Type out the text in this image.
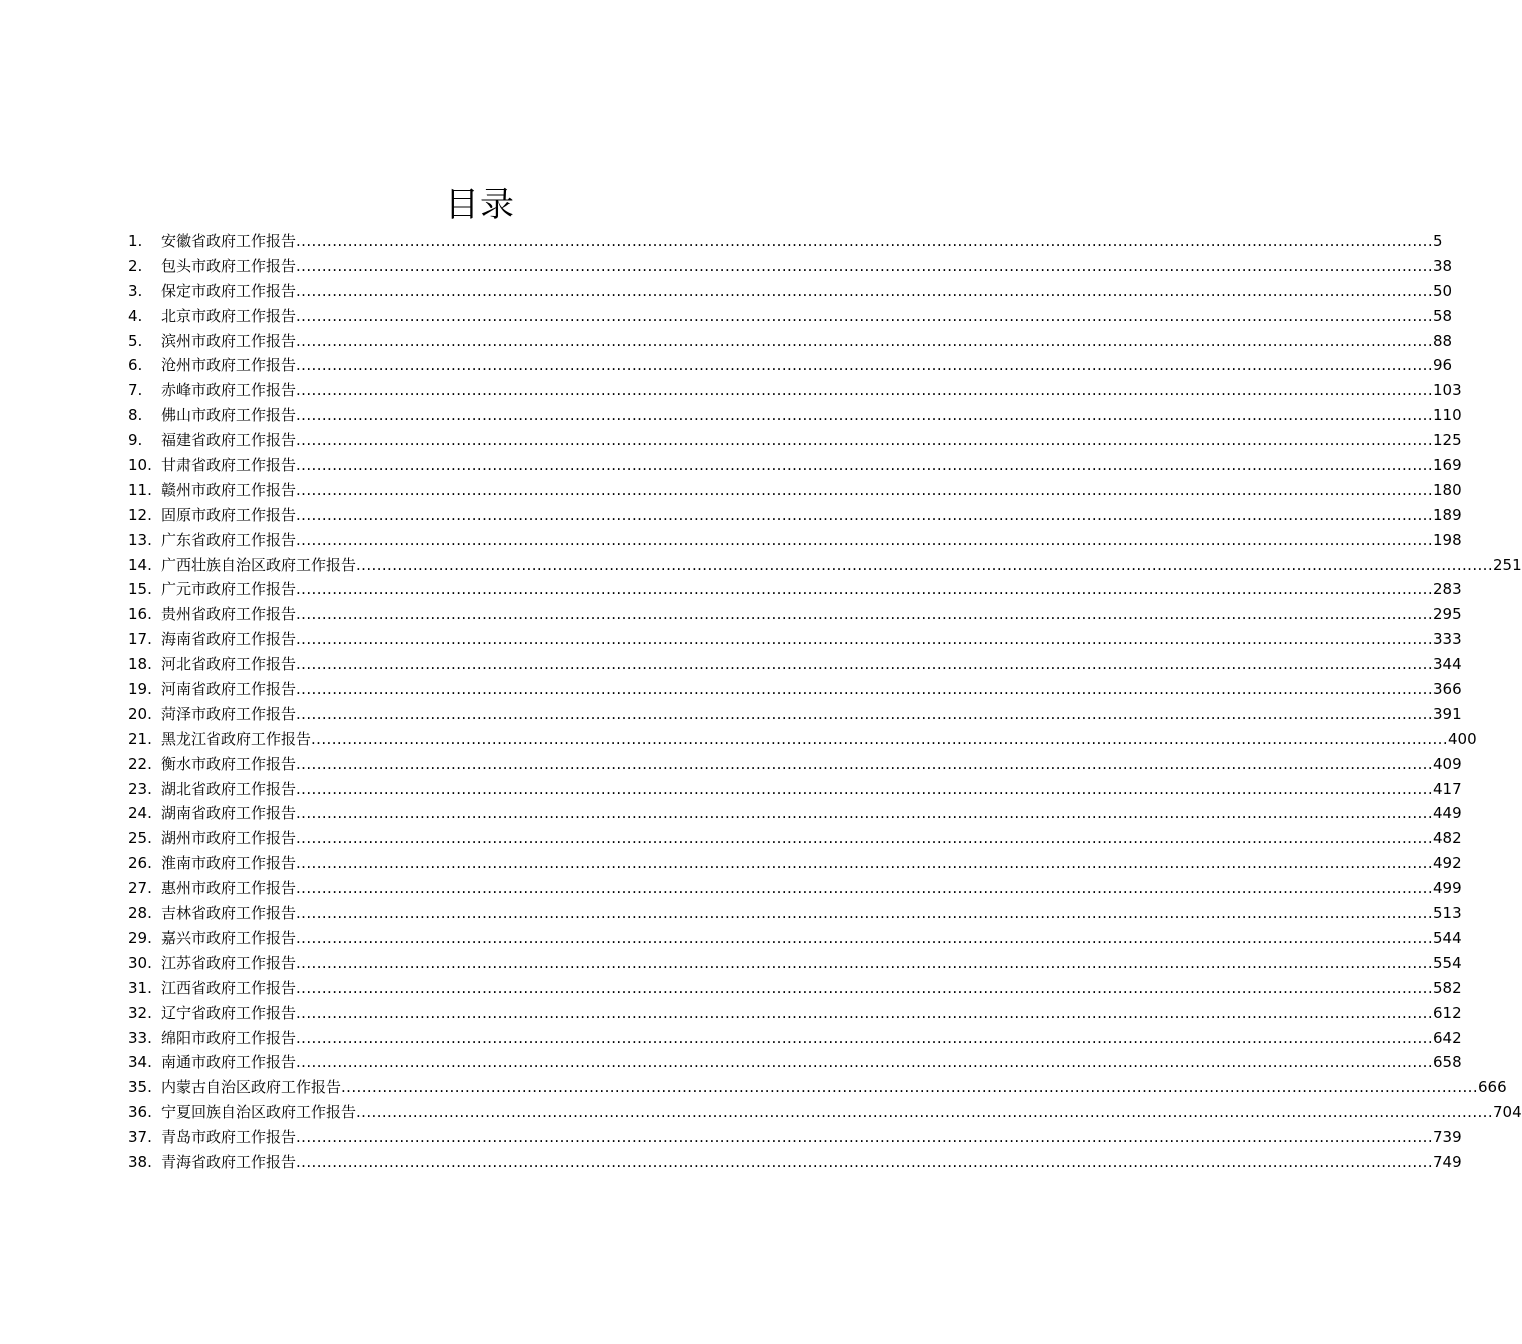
目录
1.	安徽省政府工作报告 ............................................................................................................................................................................................................................ 5
2.	包头市政府工作报告 ............................................................................................................................................................................................................................ 38
3.	保定市政府工作报告 ............................................................................................................................................................................................................................ 50
4.	北京市政府工作报告 ............................................................................................................................................................................................................................ 58
5.	滨州市政府工作报告 ............................................................................................................................................................................................................................ 88
6.	沧州市政府工作报告 ............................................................................................................................................................................................................................ 96
7.	赤峰市政府工作报告 ............................................................................................................................................................................................................................ 103
8.	佛山市政府工作报告 ............................................................................................................................................................................................................................ 110
9.	福建省政府工作报告 ............................................................................................................................................................................................................................ 125
10. 甘肃省政府工作报告 ............................................................................................................................................................................................................................ 169
11. 赣州市政府工作报告 ............................................................................................................................................................................................................................ 180
12. 固原市政府工作报告 ............................................................................................................................................................................................................................ 189
13. 广东省政府工作报告 ............................................................................................................................................................................................................................ 198
14. 广西壮族自治区政府工作报告 ............................................................................................................................................................................................................................ 251
15. 广元市政府工作报告 ............................................................................................................................................................................................................................ 283
16. 贵州省政府工作报告 ............................................................................................................................................................................................................................ 295
17. 海南省政府工作报告 ............................................................................................................................................................................................................................ 333
18. 河北省政府工作报告 ............................................................................................................................................................................................................................ 344
19. 河南省政府工作报告 ............................................................................................................................................................................................................................ 366
20. 菏泽市政府工作报告 ............................................................................................................................................................................................................................ 391
21. 黑龙江省政府工作报告 ............................................................................................................................................................................................................................ 400
22. 衡水市政府工作报告 ............................................................................................................................................................................................................................ 409
23. 湖北省政府工作报告 ............................................................................................................................................................................................................................ 417
24. 湖南省政府工作报告 ............................................................................................................................................................................................................................ 449
25. 湖州市政府工作报告 ............................................................................................................................................................................................................................ 482
26. 淮南市政府工作报告 ............................................................................................................................................................................................................................ 492
27. 惠州市政府工作报告 ............................................................................................................................................................................................................................ 499
28. 吉林省政府工作报告 ............................................................................................................................................................................................................................ 513
29. 嘉兴市政府工作报告 ............................................................................................................................................................................................................................ 544
30. 江苏省政府工作报告 ............................................................................................................................................................................................................................ 554
31. 江西省政府工作报告 ............................................................................................................................................................................................................................ 582
32. 辽宁省政府工作报告 ............................................................................................................................................................................................................................ 612
33. 绵阳市政府工作报告 ............................................................................................................................................................................................................................ 642
34. 南通市政府工作报告 ............................................................................................................................................................................................................................ 658
35. 内蒙古自治区政府工作报告 ............................................................................................................................................................................................................................ 666
36. 宁夏回族自治区政府工作报告 ............................................................................................................................................................................................................................ 704
37. 青岛市政府工作报告 ............................................................................................................................................................................................................................ 739
38. 青海省政府工作报告 ............................................................................................................................................................................................................................ 749
